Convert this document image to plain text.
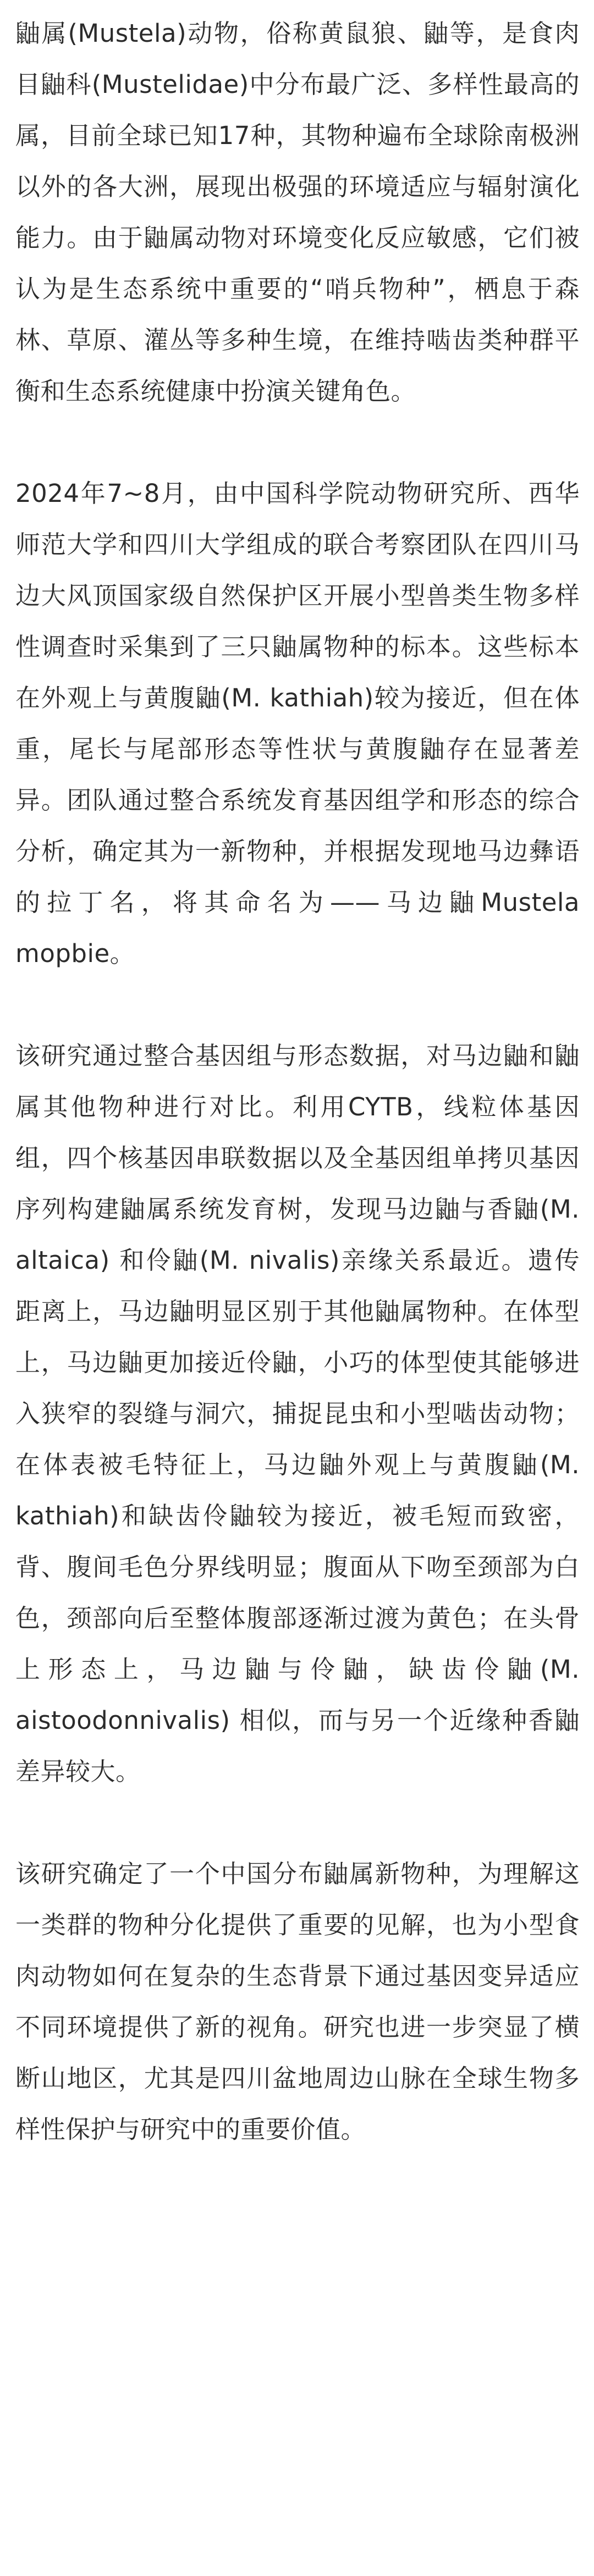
鼬属(Mustela)动物，俗称黄鼠狼、鼬等，是食肉目鼬科(Mustelidae)中分布最广泛、多样性最高的属，目前全球已知17种，其物种遍布全球除南极洲以外的各大洲，展现出极强的环境适应与辐射演化能力。由于鼬属动物对环境变化反应敏感，它们被认为是生态系统中重要的“哨兵物种”，栖息于森林、草原、灌丛等多种生境，在维持啮齿类种群平衡和生态系统健康中扮演关键角色。

2024年7~8月，由中国科学院动物研究所、西华师范大学和四川大学组成的联合考察团队在四川马边大风顶国家级自然保护区开展小型兽类生物多样性调查时采集到了三只鼬属物种的标本。这些标本在外观上与黄腹鼬(M. kathiah)较为接近，但在体重，尾长与尾部形态等性状与黄腹鼬存在显著差异。团队通过整合系统发育基因组学和形态的综合分析，确定其为一新物种，并根据发现地马边彝语的拉丁名，将其命名为——马边鼬Mustela mopbie。

该研究通过整合基因组与形态数据，对马边鼬和鼬属其他物种进行对比。利用CYTB，线粒体基因组，四个核基因串联数据以及全基因组单拷贝基因序列构建鼬属系统发育树，发现马边鼬与香鼬(M. altaica) 和伶鼬(M. nivalis)亲缘关系最近。遗传距离上，马边鼬明显区别于其他鼬属物种。在体型上，马边鼬更加接近伶鼬，小巧的体型使其能够进入狭窄的裂缝与洞穴，捕捉昆虫和小型啮齿动物；在体表被毛特征上，马边鼬外观上与黄腹鼬(M. kathiah)和缺齿伶鼬较为接近，被毛短而致密，背、腹间毛色分界线明显；腹面从下吻至颈部为白色，颈部向后至整体腹部逐渐过渡为黄色；在头骨上形态上，马边鼬与伶鼬，缺齿伶鼬(M. aistoodonnivalis) 相似，而与另一个近缘种香鼬差异较大。

该研究确定了一个中国分布鼬属新物种，为理解这一类群的物种分化提供了重要的见解，也为小型食肉动物如何在复杂的生态背景下通过基因变异适应不同环境提供了新的视角。研究也进一步突显了横断山地区，尤其是四川盆地周边山脉在全球生物多样性保护与研究中的重要价值。
